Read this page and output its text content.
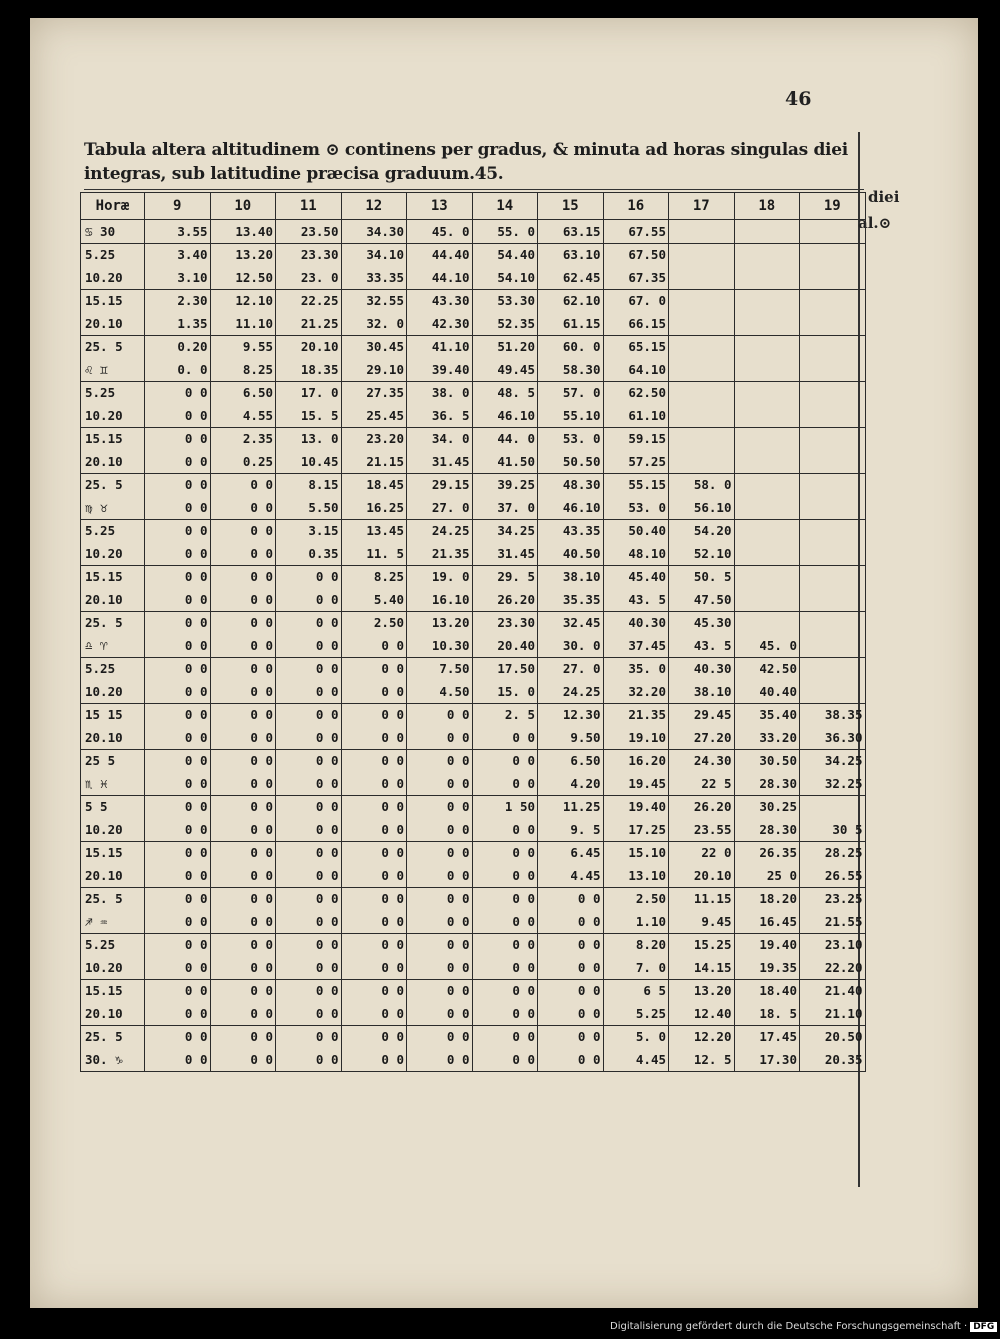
46
Tabula altera altitudinem ⊙ continens per gradus, & minuta ad horas singulas diei
integras, sub latitudine præcisa graduum.45.
diei
al.⊙
Horæ	9	10	11	12	13	14	15	16	17	18	19
♋ 30	3.55	13.40	23.50	34.30	45. 0	55. 0	63.15	67.55			
5.25	3.40	13.20	23.30	34.10	44.40	54.40	63.10	67.50			
10.20	3.10	12.50	23. 0	33.35	44.10	54.10	62.45	67.35			
15.15	2.30	12.10	22.25	32.55	43.30	53.30	62.10	67. 0			
20.10	1.35	11.10	21.25	32. 0	42.30	52.35	61.15	66.15			
25. 5	0.20	9.55	20.10	30.45	41.10	51.20	60. 0	65.15			
♌ ♊	0. 0	8.25	18.35	29.10	39.40	49.45	58.30	64.10			
5.25	0 0	6.50	17. 0	27.35	38. 0	48. 5	57. 0	62.50			
10.20	0 0	4.55	15. 5	25.45	36. 5	46.10	55.10	61.10			
15.15	0 0	2.35	13. 0	23.20	34. 0	44. 0	53. 0	59.15			
20.10	0 0	0.25	10.45	21.15	31.45	41.50	50.50	57.25			
25. 5	0 0	0 0	8.15	18.45	29.15	39.25	48.30	55.15	58. 0		
♍ ♉	0 0	0 0	5.50	16.25	27. 0	37. 0	46.10	53. 0	56.10		
5.25	0 0	0 0	3.15	13.45	24.25	34.25	43.35	50.40	54.20		
10.20	0 0	0 0	0.35	11. 5	21.35	31.45	40.50	48.10	52.10		
15.15	0 0	0 0	0 0	8.25	19. 0	29. 5	38.10	45.40	50. 5		
20.10	0 0	0 0	0 0	5.40	16.10	26.20	35.35	43. 5	47.50		
25. 5	0 0	0 0	0 0	2.50	13.20	23.30	32.45	40.30	45.30		
♎ ♈	0 0	0 0	0 0	0 0	10.30	20.40	30. 0	37.45	43. 5	45. 0	
5.25	0 0	0 0	0 0	0 0	7.50	17.50	27. 0	35. 0	40.30	42.50	
10.20	0 0	0 0	0 0	0 0	4.50	15. 0	24.25	32.20	38.10	40.40	
15 15	0 0	0 0	0 0	0 0	0 0	2. 5	12.30	21.35	29.45	35.40	38.35
20.10	0 0	0 0	0 0	0 0	0 0	0 0	9.50	19.10	27.20	33.20	36.30
25 5	0 0	0 0	0 0	0 0	0 0	0 0	6.50	16.20	24.30	30.50	34.25
♏ ♓	0 0	0 0	0 0	0 0	0 0	0 0	4.20	19.45	22 5	28.30	32.25
5 5	0 0	0 0	0 0	0 0	0 0	1 50	11.25	19.40	26.20	30.25	
10.20	0 0	0 0	0 0	0 0	0 0	0 0	9. 5	17.25	23.55	28.30	30 5
15.15	0 0	0 0	0 0	0 0	0 0	0 0	6.45	15.10	22 0	26.35	28.25
20.10	0 0	0 0	0 0	0 0	0 0	0 0	4.45	13.10	20.10	25 0	26.55
25. 5	0 0	0 0	0 0	0 0	0 0	0 0	0 0	2.50	11.15	18.20	23.25
♐ ♒	0 0	0 0	0 0	0 0	0 0	0 0	0 0	1.10	9.45	16.45	21.55
5.25	0 0	0 0	0 0	0 0	0 0	0 0	0 0	8.20	15.25	19.40	23.10
10.20	0 0	0 0	0 0	0 0	0 0	0 0	0 0	7. 0	14.15	19.35	22.20
15.15	0 0	0 0	0 0	0 0	0 0	0 0	0 0	6 5	13.20	18.40	21.40
20.10	0 0	0 0	0 0	0 0	0 0	0 0	0 0	5.25	12.40	18. 5	21.10
25. 5	0 0	0 0	0 0	0 0	0 0	0 0	0 0	5. 0	12.20	17.45	20.50
30. ♑	0 0	0 0	0 0	0 0	0 0	0 0	0 0	4.45	12. 5	17.30	20.35
Digitalisierung gefördert durch die Deutsche Forschungsgemeinschaft · DFG
